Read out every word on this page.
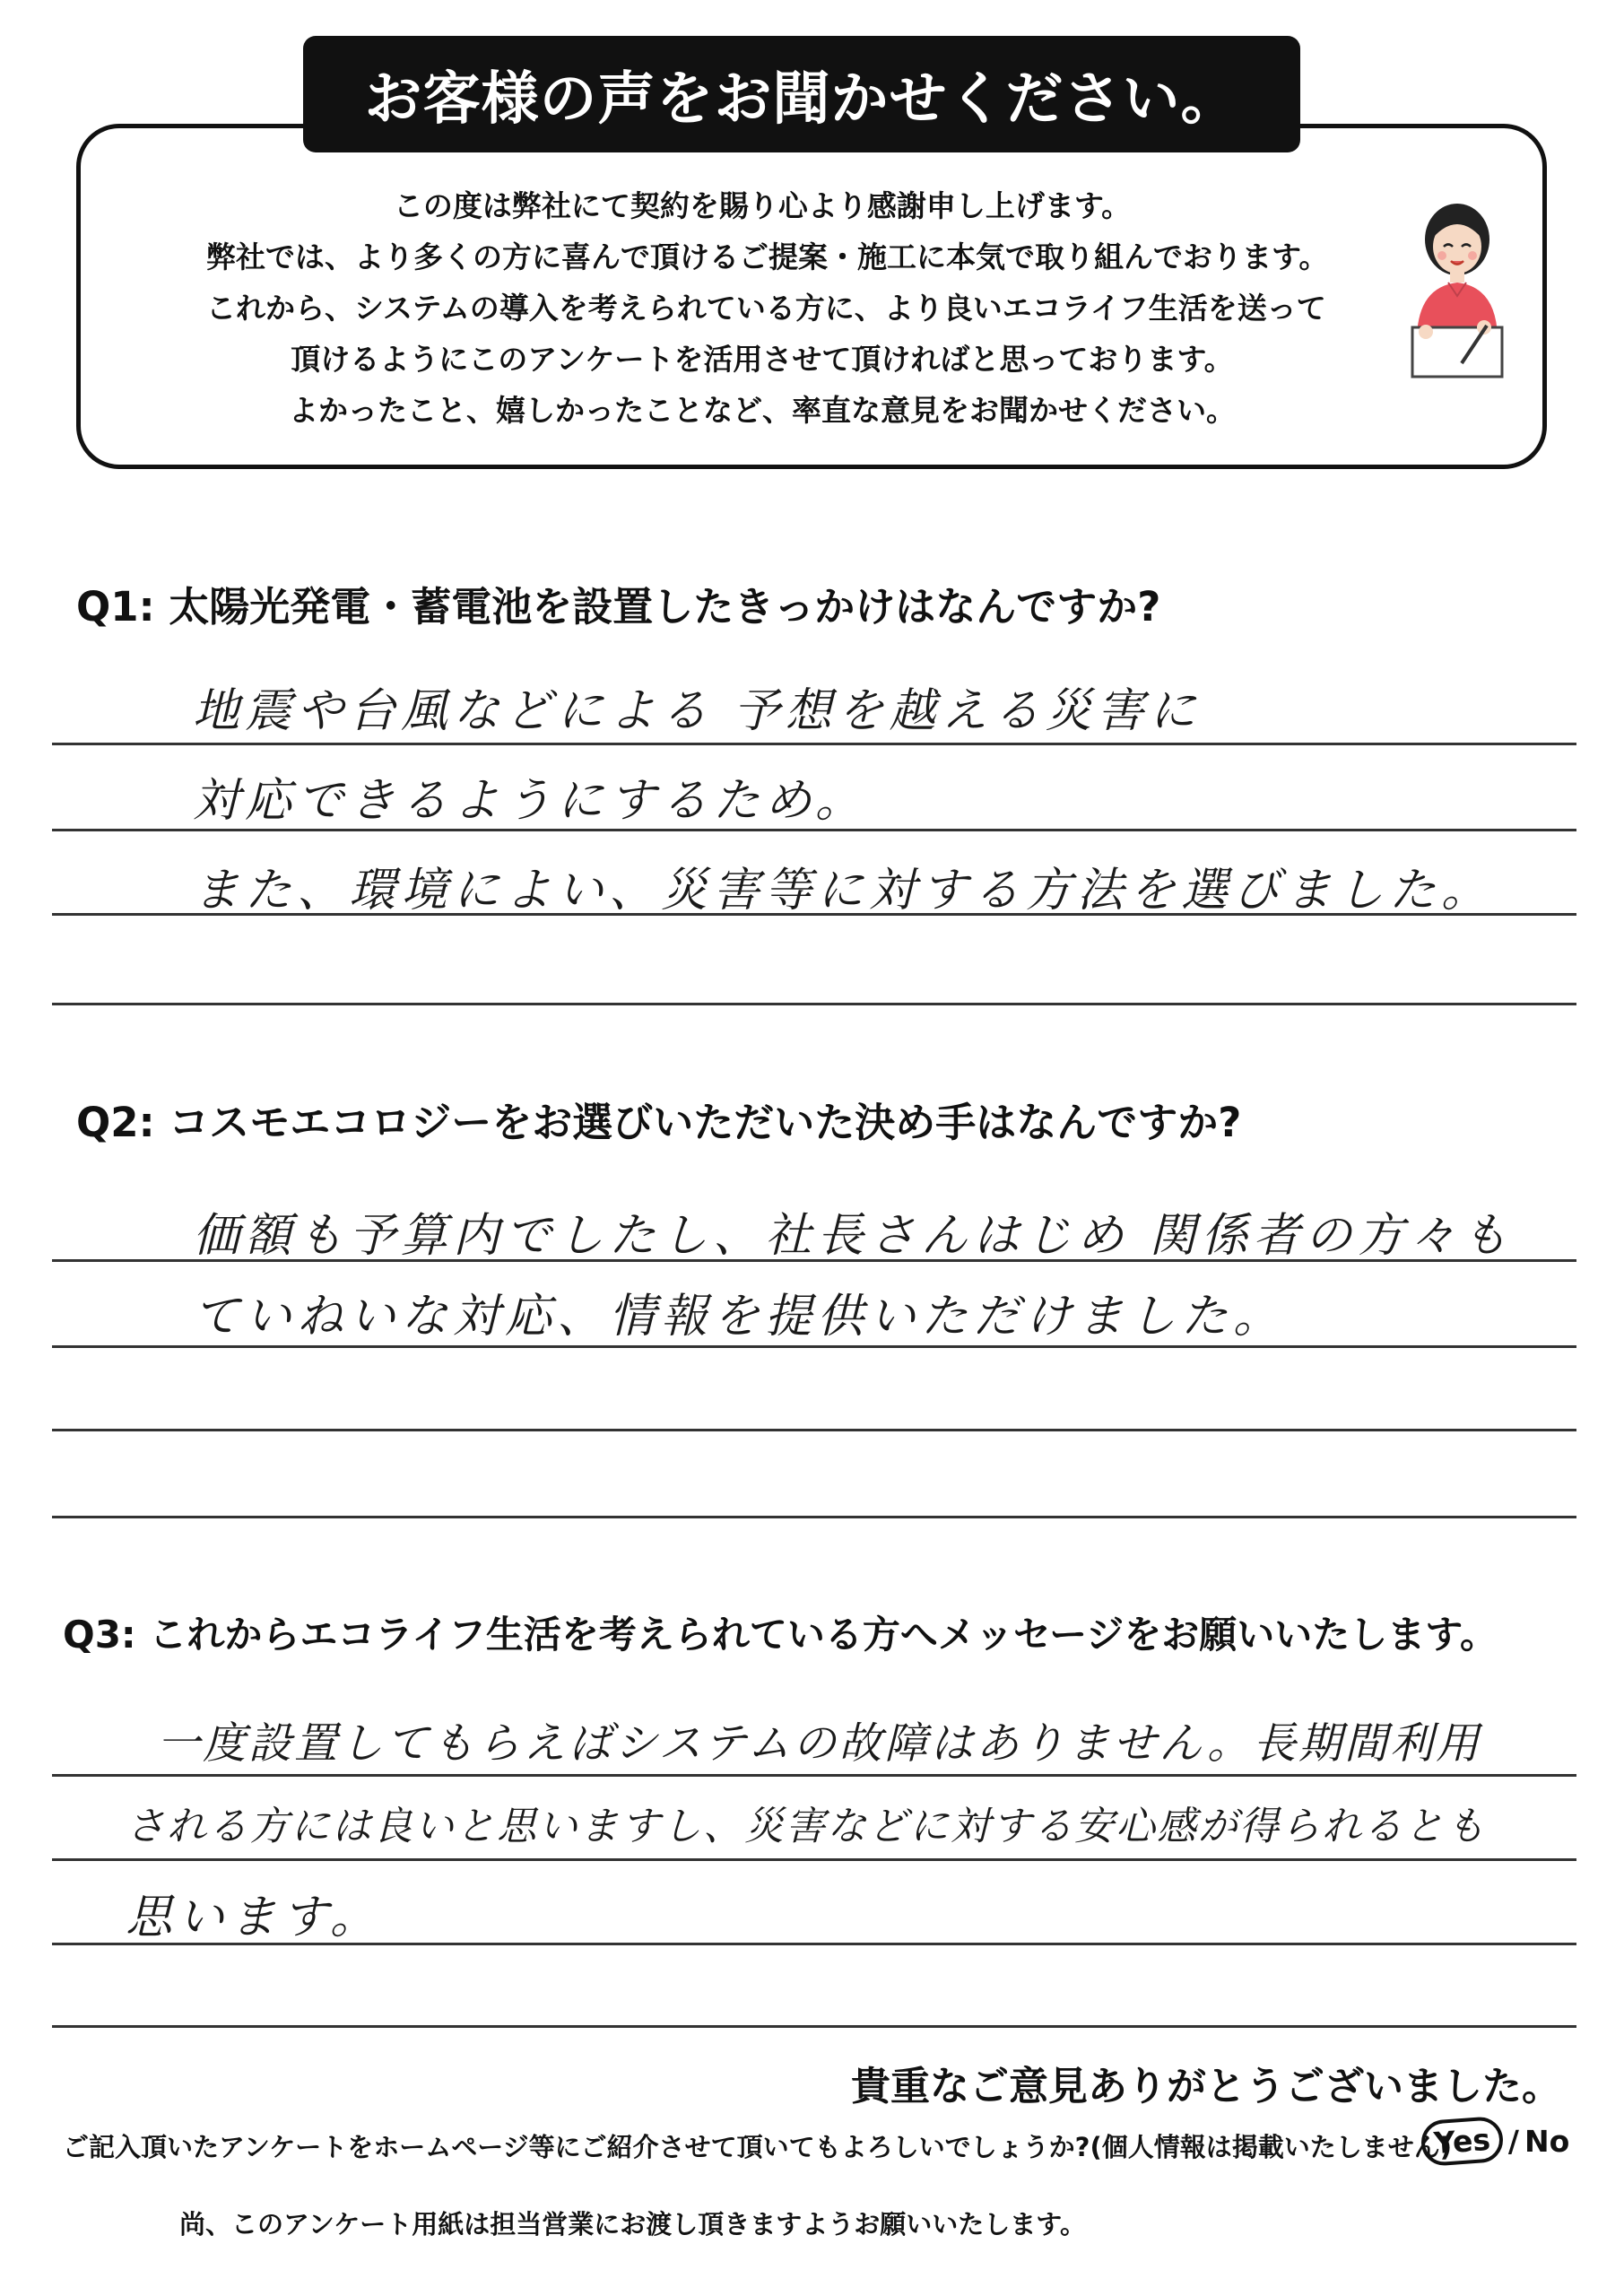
お客様の声をお聞かせください。
この度は弊社にて契約を賜り心より感謝申し上げます。
弊社では、より多くの方に喜んで頂けるご提案・施工に本気で取り組んでおります。
これから、システムの導入を考えられている方に、より良いエコライフ生活を送って
頂けるようにこのアンケートを活用させて頂ければと思っております。
よかったこと、嬉しかったことなど、率直な意見をお聞かせください。
Q1: 太陽光発電・蓄電池を設置したきっかけはなんですか?
地震や台風などによる 予想を越える災害に
対応できるようにするため。
また、環境によい、災害等に対する方法を選びました。
Q2: コスモエコロジーをお選びいただいた決め手はなんですか?
価額も予算内でしたし、社長さんはじめ 関係者の方々も
ていねいな対応、情報を提供いただけました。
Q3: これからエコライフ生活を考えられている方へメッセージをお願いいたします。
一度設置してもらえばシステムの故障はありません。長期間利用
される方には良いと思いますし、災害などに対する安心感が得られるとも
思います。
貴重なご意見ありがとうございました。
ご記入頂いたアンケートをホームページ等にご紹介させて頂いてもよろしいでしょうか?(個人情報は掲載いたしません)
Yes / No
尚、このアンケート用紙は担当営業にお渡し頂きますようお願いいたします。
